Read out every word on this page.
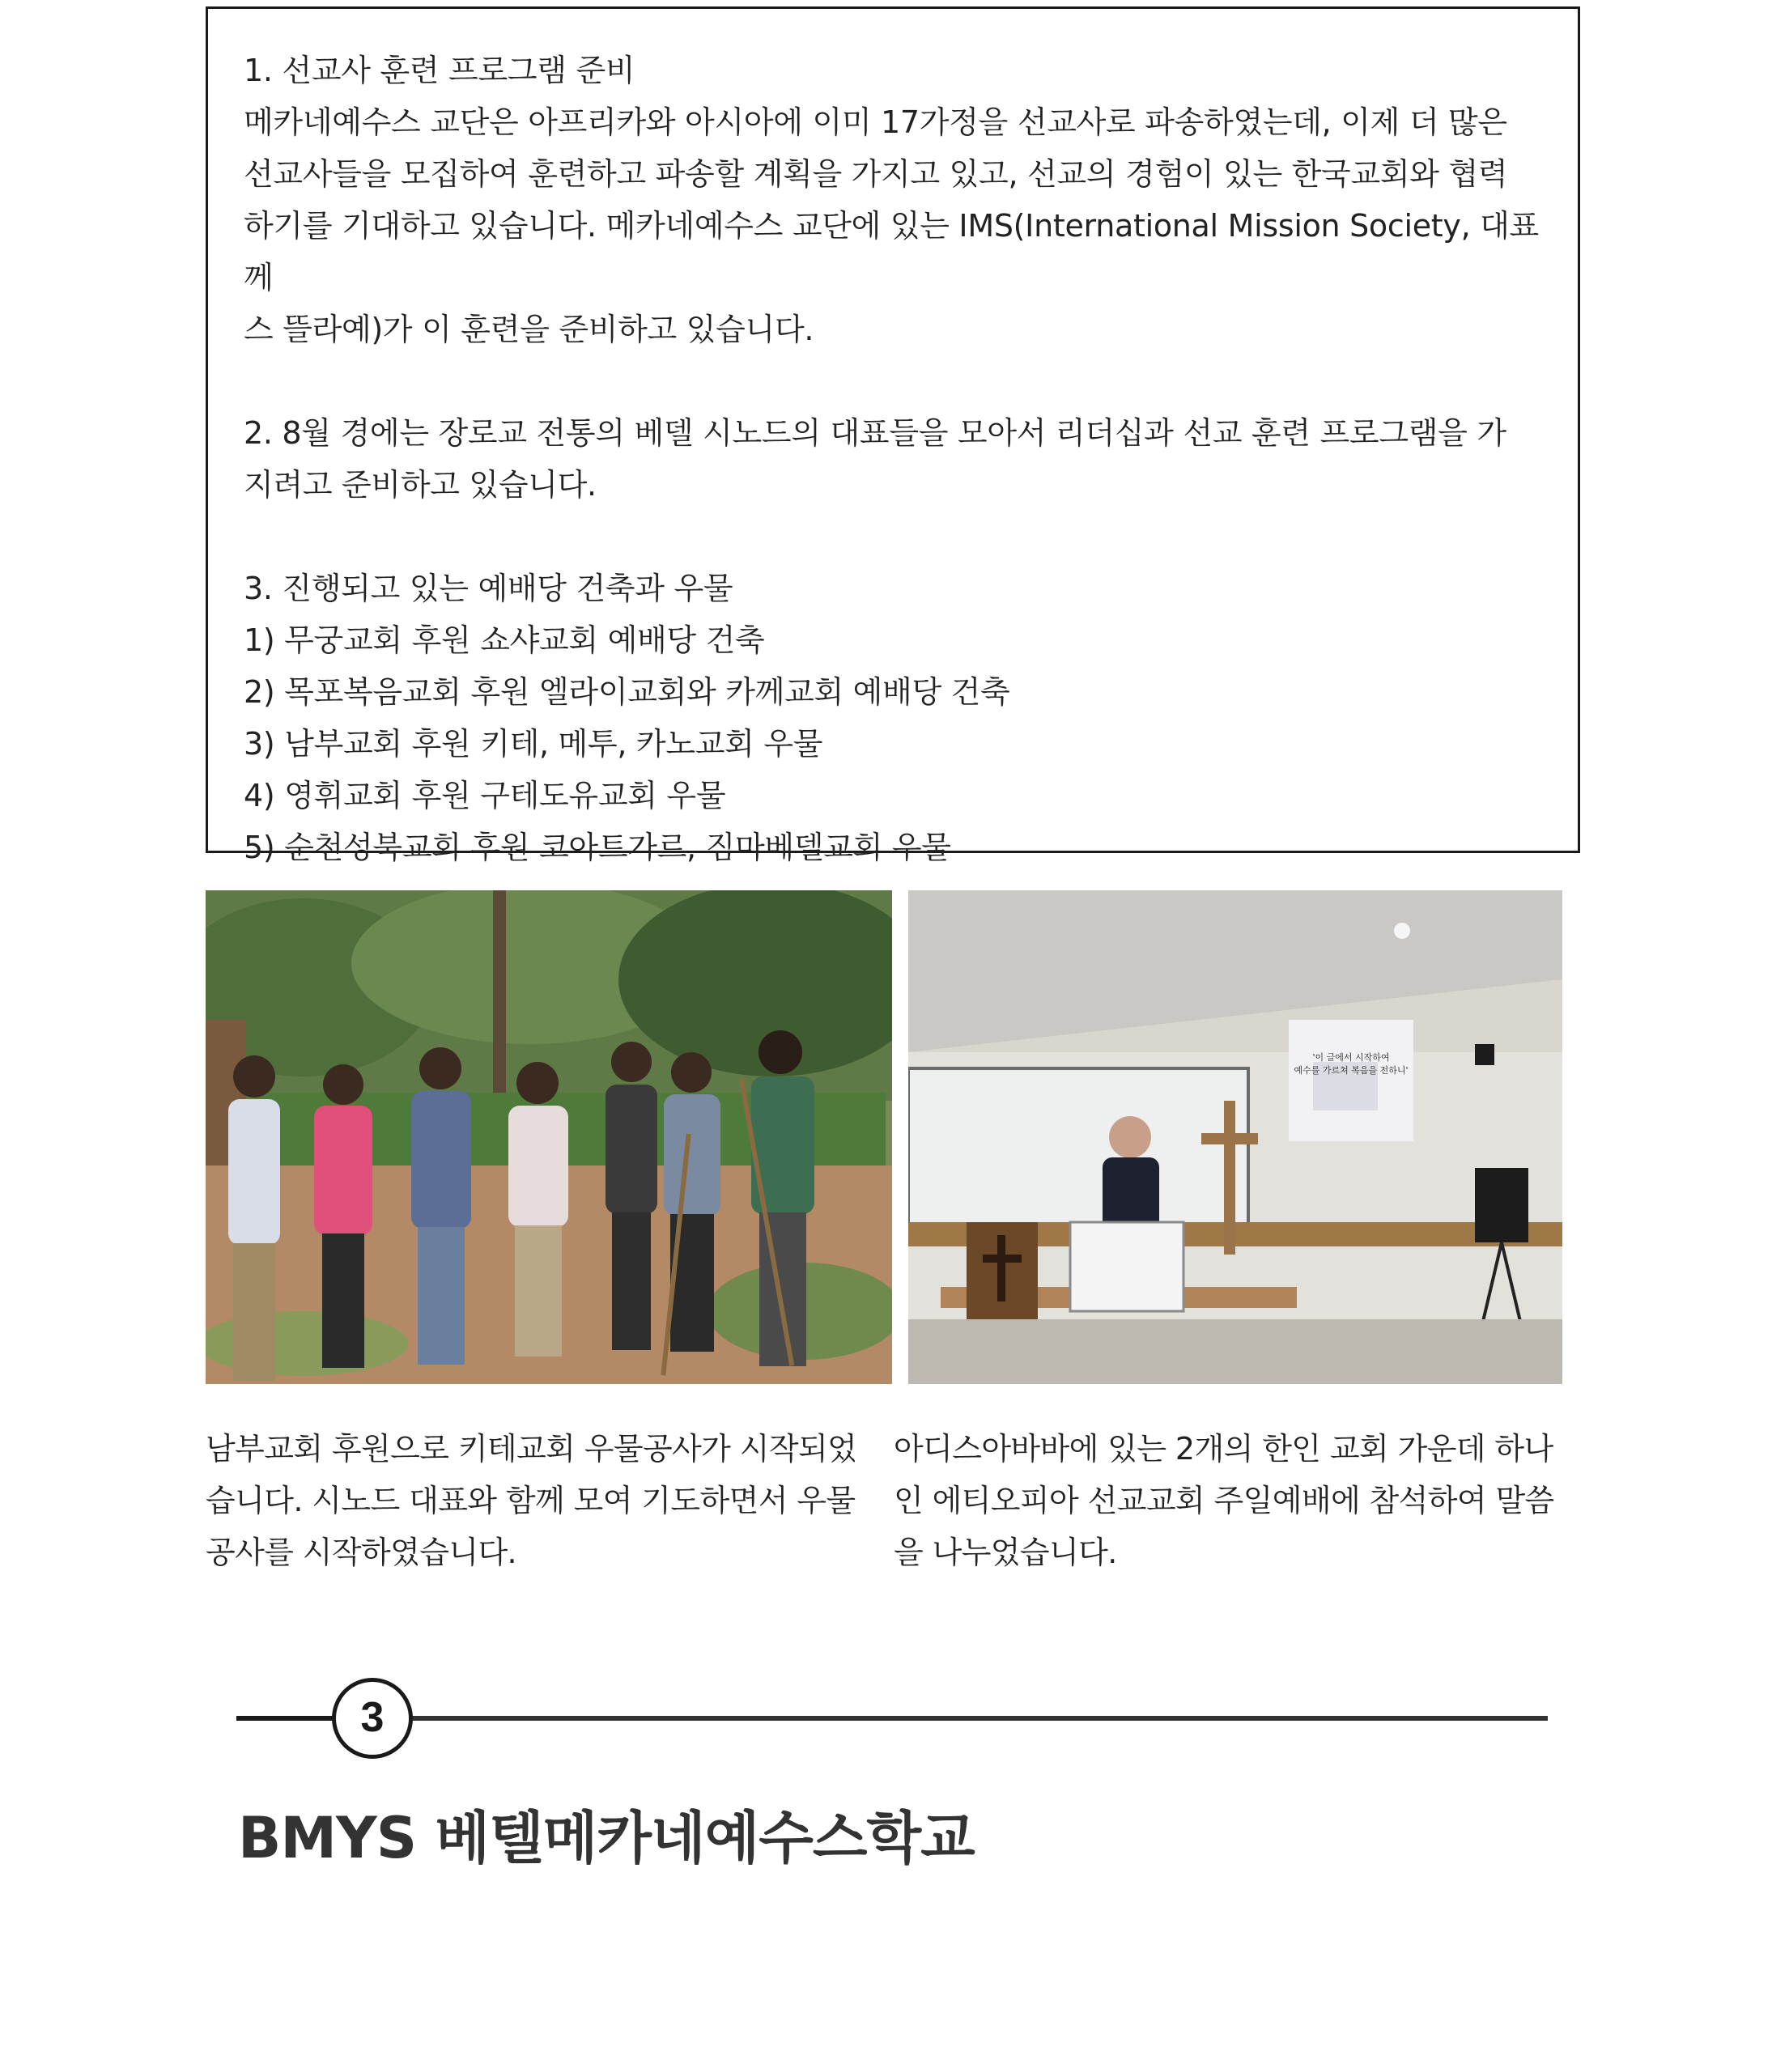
1. 선교사 훈련 프로그램 준비

메카네예수스 교단은 아프리카와 아시아에 이미 17가정을 선교사로 파송하였는데, 이제 더 많은

선교사들을 모집하여 훈련하고 파송할 계획을 가지고 있고, 선교의 경험이 있는 한국교회와 협력

하기를 기대하고 있습니다. 메카네예수스 교단에 있는 IMS(International Mission Society, 대표 께

스 뜰라예)가 이 훈련을 준비하고 있습니다.

2. 8월 경에는 장로교 전통의 베델 시노드의 대표들을 모아서 리더십과 선교 훈련 프로그램을 가

지려고 준비하고 있습니다.

3. 진행되고 있는 예배당 건축과 우물

1) 무궁교회 후원 쇼샤교회 예배당 건축

2) 목포복음교회 후원 엘라이교회와 카께교회 예배당 건축

3) 남부교회 후원 키테, 메투, 카노교회 우물

4) 영휘교회 후원 구테도유교회 우물

5) 순천성북교회 후원 코아트가르, 짐마베델교회 우물

'이 글에서 시작하여
예수를 가르쳐 복음을 전하니'
남부교회 후원으로 키테교회 우물공사가 시작되었
습니다. 시노드 대표와 함께 모여 기도하면서 우물
공사를 시작하였습니다.
아디스아바바에 있는 2개의 한인 교회 가운데 하나
인 에티오피아 선교교회 주일예배에 참석하여 말씀
을 나누었습니다.
3
BMYS 베텔메카네예수스학교
